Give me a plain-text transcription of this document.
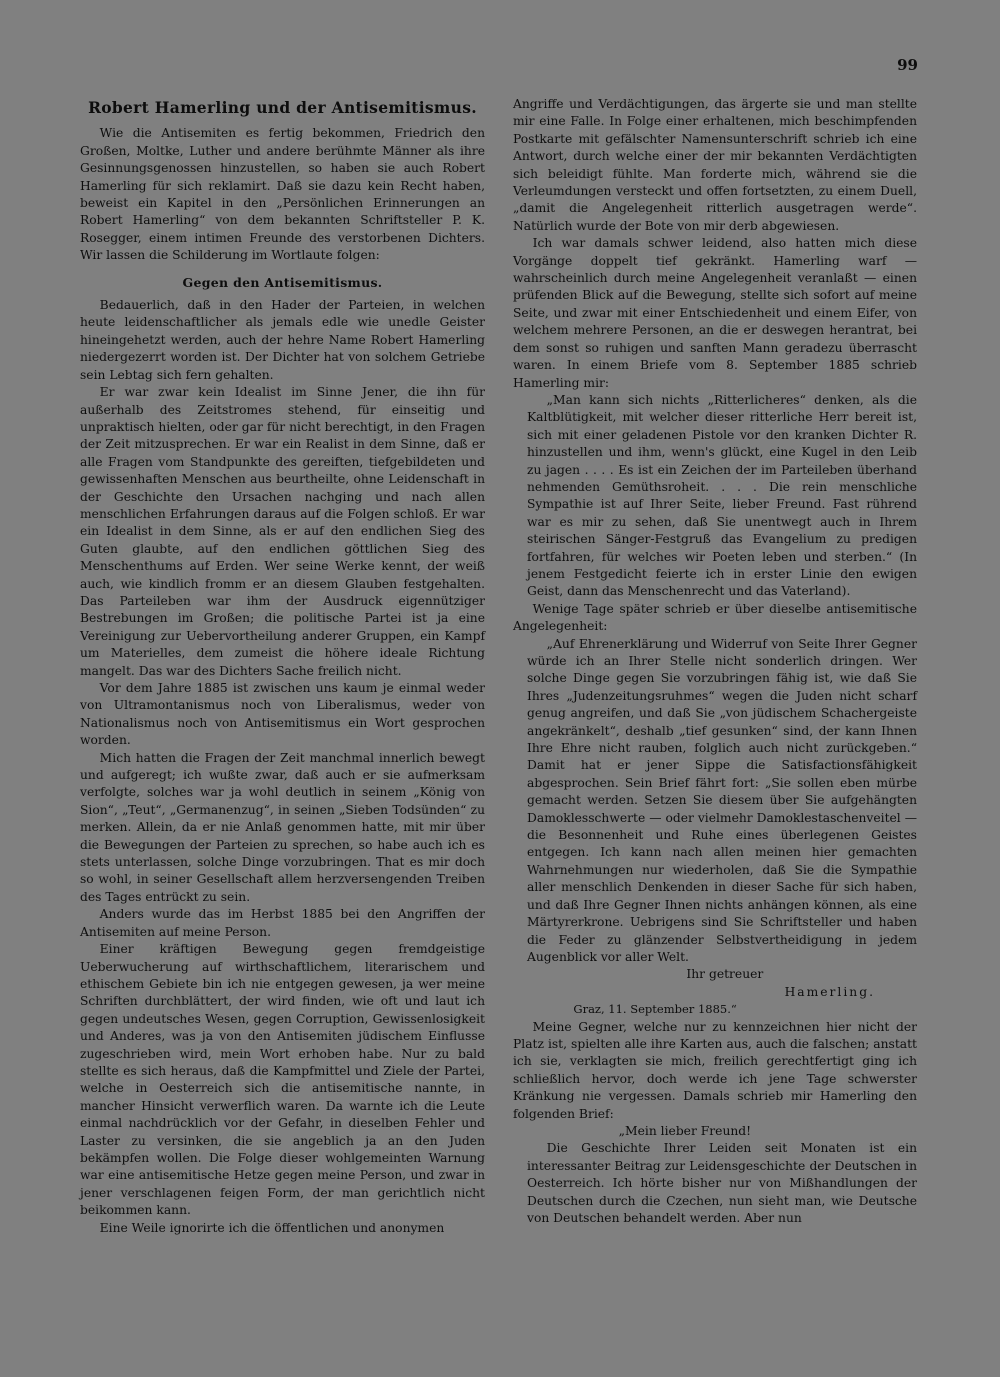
99
Robert Hamerling und der Antisemitismus.

Wie die Antisemiten es fertig bekommen, Friedrich den Großen, Moltke, Luther und andere berühmte Männer als ihre Gesinnungsgenossen hinzustellen, so haben sie auch Robert Hamerling für sich reklamirt. Daß sie dazu kein Recht haben, beweist ein Kapitel in den „Persönlichen Erinnerungen an Robert Hamerling“ von dem bekannten Schriftsteller P. K. Rosegger, einem intimen Freunde des verstorbenen Dichters. Wir lassen die Schilderung im Wortlaute folgen:

Gegen den Antisemitismus.

Bedauerlich, daß in den Hader der Parteien, in welchen heute leidenschaftlicher als jemals edle wie unedle Geister hineingehetzt werden, auch der hehre Name Robert Hamerling niedergezerrt worden ist. Der Dichter hat von solchem Getriebe sein Lebtag sich fern gehalten.

Er war zwar kein Idealist im Sinne Jener, die ihn für außerhalb des Zeitstromes stehend, für einseitig und unpraktisch hielten, oder gar für nicht berechtigt, in den Fragen der Zeit mitzusprechen. Er war ein Realist in dem Sinne, daß er alle Fragen vom Standpunkte des gereiften, tiefgebildeten und gewissenhaften Menschen aus beurtheilte, ohne Leidenschaft in der Geschichte den Ursachen nachging und nach allen menschlichen Erfahrungen daraus auf die Folgen schloß. Er war ein Idealist in dem Sinne, als er auf den endlichen Sieg des Guten glaubte, auf den endlichen göttlichen Sieg des Menschenthums auf Erden. Wer seine Werke kennt, der weiß auch, wie kindlich fromm er an diesem Glauben festgehalten. Das Parteileben war ihm der Ausdruck eigennütziger Bestrebungen im Großen; die politische Partei ist ja eine Vereinigung zur Uebervortheilung anderer Gruppen, ein Kampf um Materielles, dem zumeist die höhere ideale Richtung mangelt. Das war des Dichters Sache freilich nicht.

Vor dem Jahre 1885 ist zwischen uns kaum je einmal weder von Ultramontanismus noch von Liberalismus, weder von Nationalismus noch von Antisemitismus ein Wort gesprochen worden.

Mich hatten die Fragen der Zeit manchmal innerlich bewegt und aufgeregt; ich wußte zwar, daß auch er sie aufmerksam verfolgte, solches war ja wohl deutlich in seinem „König von Sion“, „Teut“, „Germanenzug“, in seinen „Sieben Todsünden“ zu merken. Allein, da er nie Anlaß genommen hatte, mit mir über die Bewegungen der Parteien zu sprechen, so habe auch ich es stets unterlassen, solche Dinge vorzubringen. That es mir doch so wohl, in seiner Gesellschaft allem herzversengenden Treiben des Tages entrückt zu sein.

Anders wurde das im Herbst 1885 bei den Angriffen der Antisemiten auf meine Person.

Einer kräftigen Bewegung gegen fremdgeistige Ueberwucherung auf wirthschaftlichem, literarischem und ethischem Gebiete bin ich nie entgegen gewesen, ja wer meine Schriften durchblättert, der wird finden, wie oft und laut ich gegen undeutsches Wesen, gegen Corruption, Gewissenlosigkeit und Anderes, was ja von den Antisemiten jüdischem Einflusse zugeschrieben wird, mein Wort erhoben habe. Nur zu bald stellte es sich heraus, daß die Kampfmittel und Ziele der Partei, welche in Oesterreich sich die antisemitische nannte, in mancher Hinsicht verwerflich waren. Da warnte ich die Leute einmal nachdrücklich vor der Gefahr, in dieselben Fehler und Laster zu versinken, die sie angeblich ja an den Juden bekämpfen wollen. Die Folge dieser wohlgemeinten Warnung war eine antisemitische Hetze gegen meine Person, und zwar in jener verschlagenen feigen Form, der man gerichtlich nicht beikommen kann.

Eine Weile ignorirte ich die öffentlichen und anonymen

Angriffe und Verdächtigungen, das ärgerte sie und man stellte mir eine Falle. In Folge einer erhaltenen, mich beschimpfenden Postkarte mit gefälschter Namensunterschrift schrieb ich eine Antwort, durch welche einer der mir bekannten Verdächtigten sich beleidigt fühlte. Man forderte mich, während sie die Verleumdungen versteckt und offen fortsetzten, zu einem Duell, „damit die Angelegenheit ritterlich ausgetragen werde“. Natürlich wurde der Bote von mir derb abgewiesen.

Ich war damals schwer leidend, also hatten mich diese Vorgänge doppelt tief gekränkt. Hamerling warf — wahrscheinlich durch meine Angelegenheit veranlaßt — einen prüfenden Blick auf die Bewegung, stellte sich sofort auf meine Seite, und zwar mit einer Entschiedenheit und einem Eifer, von welchem mehrere Personen, an die er deswegen herantrat, bei dem sonst so ruhigen und sanften Mann geradezu überrascht waren. In einem Briefe vom 8. September 1885 schrieb Hamerling mir:

„Man kann sich nichts „Ritterlicheres“ denken, als die Kaltblütigkeit, mit welcher dieser ritterliche Herr bereit ist, sich mit einer geladenen Pistole vor den kranken Dichter R. hinzustellen und ihm, wenn's glückt, eine Kugel in den Leib zu jagen . . . . Es ist ein Zeichen der im Parteileben überhand nehmenden Gemüthsroheit. . . . Die rein menschliche Sympathie ist auf Ihrer Seite, lieber Freund. Fast rührend war es mir zu sehen, daß Sie unentwegt auch in Ihrem steirischen Sänger-Festgruß das Evangelium zu predigen fortfahren, für welches wir Poeten leben und sterben.“ (In jenem Festgedicht feierte ich in erster Linie den ewigen Geist, dann das Menschenrecht und das Vaterland).

Wenige Tage später schrieb er über dieselbe antisemitische Angelegenheit:

„Auf Ehrenerklärung und Widerruf von Seite Ihrer Gegner würde ich an Ihrer Stelle nicht sonderlich dringen. Wer solche Dinge gegen Sie vorzubringen fähig ist, wie daß Sie Ihres „Judenzeitungsruhmes“ wegen die Juden nicht scharf genug angreifen, und daß Sie „von jüdischem Schachergeiste angekränkelt“, deshalb „tief gesunken“ sind, der kann Ihnen Ihre Ehre nicht rauben, folglich auch nicht zurückgeben.“ Damit hat er jener Sippe die Satisfactionsfähigkeit abgesprochen. Sein Brief fährt fort: „Sie sollen eben mürbe gemacht werden. Setzen Sie diesem über Sie aufgehängten Damoklesschwerte — oder vielmehr Damoklestaschenveitel — die Besonnenheit und Ruhe eines überlegenen Geistes entgegen. Ich kann nach allen meinen hier gemachten Wahrnehmungen nur wiederholen, daß Sie die Sympathie aller menschlich Denkenden in dieser Sache für sich haben, und daß Ihre Gegner Ihnen nichts anhängen können, als eine Märtyrerkrone. Uebrigens sind Sie Schriftsteller und haben die Feder zu glänzender Selbstvertheidigung in jedem Augenblick vor aller Welt.

Ihr getreuer

Hamerling.

Graz, 11. September 1885.“

Meine Gegner, welche nur zu kennzeichnen hier nicht der Platz ist, spielten alle ihre Karten aus, auch die falschen; anstatt ich sie, verklagten sie mich, freilich gerechtfertigt ging ich schließlich hervor, doch werde ich jene Tage schwerster Kränkung nie vergessen. Damals schrieb mir Hamerling den folgenden Brief:

„Mein lieber Freund!

Die Geschichte Ihrer Leiden seit Monaten ist ein interessanter Beitrag zur Leidensgeschichte der Deutschen in Oesterreich. Ich hörte bisher nur von Mißhandlungen der Deutschen durch die Czechen, nun sieht man, wie Deutsche von Deutschen behandelt werden. Aber nun
